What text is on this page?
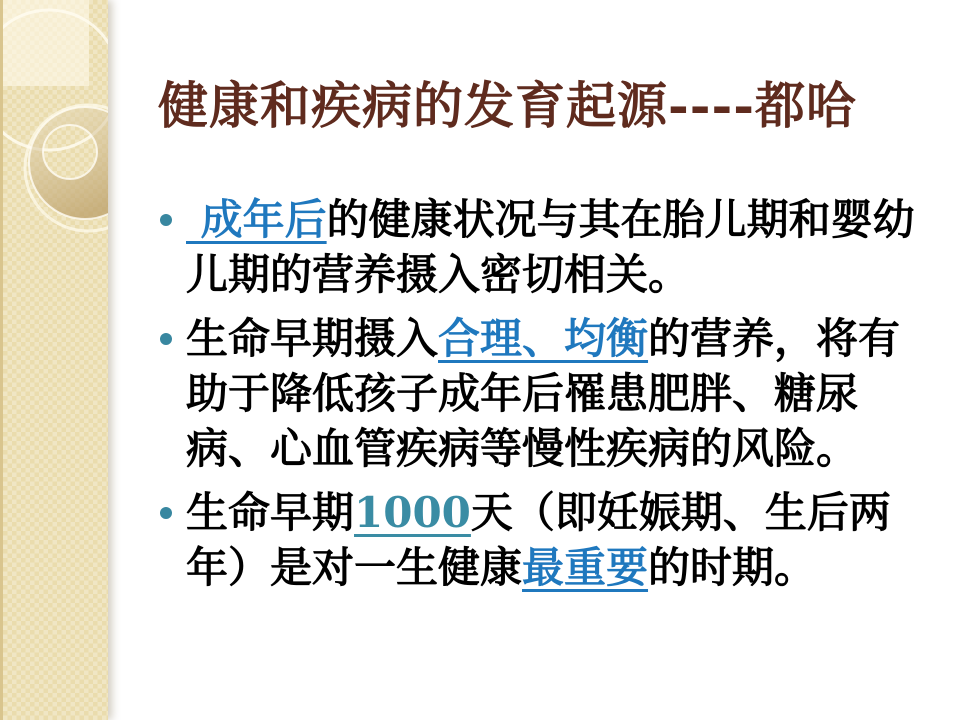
健康和疾病的发育起源----都哈
成年后的健康状况与其在胎儿期和婴幼儿期的营养摄入密切相关。
生命早期摄入合理、均衡的营养，将有助于降低孩子成年后罹患肥胖、糖尿病、心血管疾病等慢性疾病的风险。
生命早期1000天（即妊娠期、生后两年）是对一生健康最重要的时期。
